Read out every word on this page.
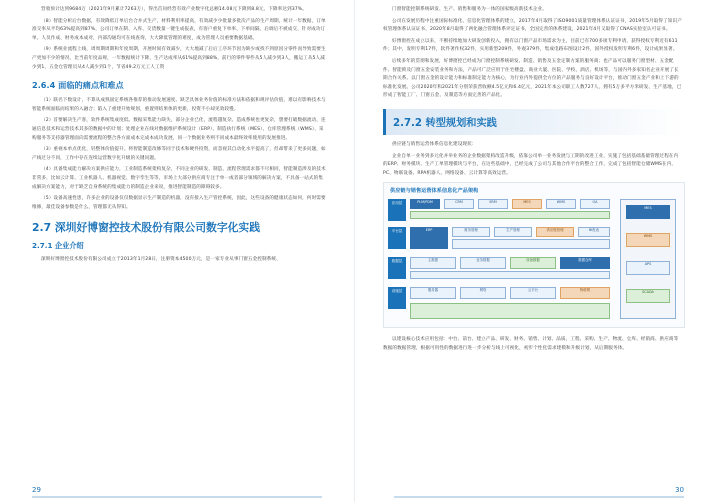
营收预计达到9684万（2021年9月累计7263万），得出首问经营有效产业数字化总额14.08元下降到8.8元，下降率达到37%。

（8）智能分析后台数据，有效降低订单后台合并式生产，材料利用率提高，有效减少少批量多批次产品的生产周期，统计一年数据，订单准交率从平均63%提高到87%，公司订单在制、入库、交货数量一键生成报表，有客户重复下单率、下单间隔、后调后不被成交、针对成功订单，人员作成、财务成本成对，内部沟通均可在线查询，大大降低管理的难度，成为管理人员重要数据基础。

（9）系统业流程上线，周周期周期和年度周期，开展时间有效减少，大大地减了后后工序环节因为缺少或找不到原因分零件而导致需要生产更加不少的情况，比当前年度品规，一年数据统计下降，生产达成率从61%提高到88%，前行的零件零件从5人减少到3人，搬运工从5人减少到1，五金仓管理员从4人减少到1个，节省49.2万元工人工资

2.6.4 面临的痛点和难点

（1）联名下数设计，不算从成熟固定系统各推荐的推动发展速度。缺乏具体业务价值的标准方法和依据和规评估价值，难以有影响技术与智能系统面临而结果的入融合；陷入了重建开始规划，重置则结果体的更新，投资不小却见效较慢。

（2）首要解决生产客，软件系统集成度低。数据采集能力缺失，部分企业已化，流程越复杂、造成系统也更复杂，想要打破数据流动，连通信息技术和运营技术其多的数据中的计划；处理企业在线对数据维护系统设计（ERP）、制造执行系统（MES）、仓库管理系统（WMS）、采购服务等支持器管理面向需要流程的整合各方面成本完成本成功发展，同一个数据业务则不同成本最终效率使用的发展推进。

（3）重视本单点优化，轻整体价值提升。将智能制造改修等同于技术和硬件投资，而忽视其自动化水平提高了，但却带来了更多问题，如产线过分不同，工作中存在连续运营数字化升级的关键问题。

（4）具备集成能力解决方案供应能力，工业制造系统架构复杂，不同企业的研发、制造、流程管理需求都不尽相同，智能制造涉及的技术非常多，比如云计算、工业机器人、机器视觉、数字孪生等等，市场上大部分供应商专注于单一或者部分领域的解决方案，不具备一站式的集成解决方案能力，对于缺乏自身系统的集成能力的制造企业来说，推进智能制造的障碍较多。

（5）设备高速性患，许多企业的设备仅仅数据显示生产制造的机器，没有接入生产管控系统，因此，这些设备的健康状态如何，何时需要维修，最佳设备参数是什么，管理都无从得知。

2.7 深圳好博窗控技术股份有限公司数字化实践
2.7.1 企业介绍

深圳好博窗控技术股份有限公司成立于2013年1月28日，注册资本4500万元，是一家专业从事门窗五金控制系统、

29

门窗智能控制系统研发、生产、销售和服务为一体的国家级高新技术企业。

公司在发展历程中注重国际标准化、信息化管理体系的建立，2017年4月取得了ISO9001质量管理体系认证证书，2019年5月取得了知识产权管理体系认证证书，2020年8月取得了两化融合管理体系评定证书，全国完善的体系建设，2021年4月又取得了CNAS实验室认可证书。

好博窗控在成立以来，不断持续地加大研发创新投入，拥有以门窗产品市场需求为主，目前已有700多项专利申请，获得授权专利近有611件；其中，发明专利17件，软件著作权32件，实用新型209件，外观379件，集成电路布图设计2件，国外授权发明专利6件，设计成果显著。

后续多年的贯彻和发展，好博窗控已经成为门窗控制系统研发、制造、销售及五金定制方案的服务商；也产品可以服务门窗型材、五金配件、智能锁及门窗五金安装业务和方法，产品可广泛应用于住宅楼盘、商业大厦、医院、学校、酒店、机场等，与国内外多家知名企业开展了长期合作关系。以门窗五金的设计能力和标准制定能力为核心，为行业内外提供全方位的产品服务与良好设计平台，推动门窗五金产业和上下游的标准化发展。公司2020年和2021年分别荣获营收额4.5亿元和6.4亿元，2021年本公司职工人数727人，拥有5万多平方米研发、生产基地，已形成了智能工厂、门窗五金、及制造等方面完善的产品化。

2.7.2 转型规划和实践

供应链与销售运营体系信息化建设现状：

企业自单一业务到多元化并举业务的企业数据架构改造升级，依靠公司单一业务发展与工期的改进工业，实施了包括基础基础管理过程在内的ERP、财务模块、生产工单管理模块与平台，在这些基础中，已经完成了公司与其他合作平台的整合工作，完成了包括智能仓储WMS在内，PC、物联设备、RPA机器人、网络设备、云计算等高效运营。

供应链与销售运营体系信息化产品架构
应用层	PLM/PDM	CRM	SRM	MES	WMS	OA
平台层	ERP	财务管理	生产管理	供应链管理	BI报表
数据层	主数据	业务数据	设备数据	数据仓库
设施层	服务器	网络	云平台	物联网
MES
WMS
APS
SCADA

以建设核心技术应用包括：中台、前台、建立产品、研发、财务、销售、计划、品质、工程、采购、生产、物流、仓库、经销商、供应商等数据的数据管理，根据可用性的数据进行进一步分析与线上可视化，初步个性化需求建模和升级计划，从后期服务体。

30
